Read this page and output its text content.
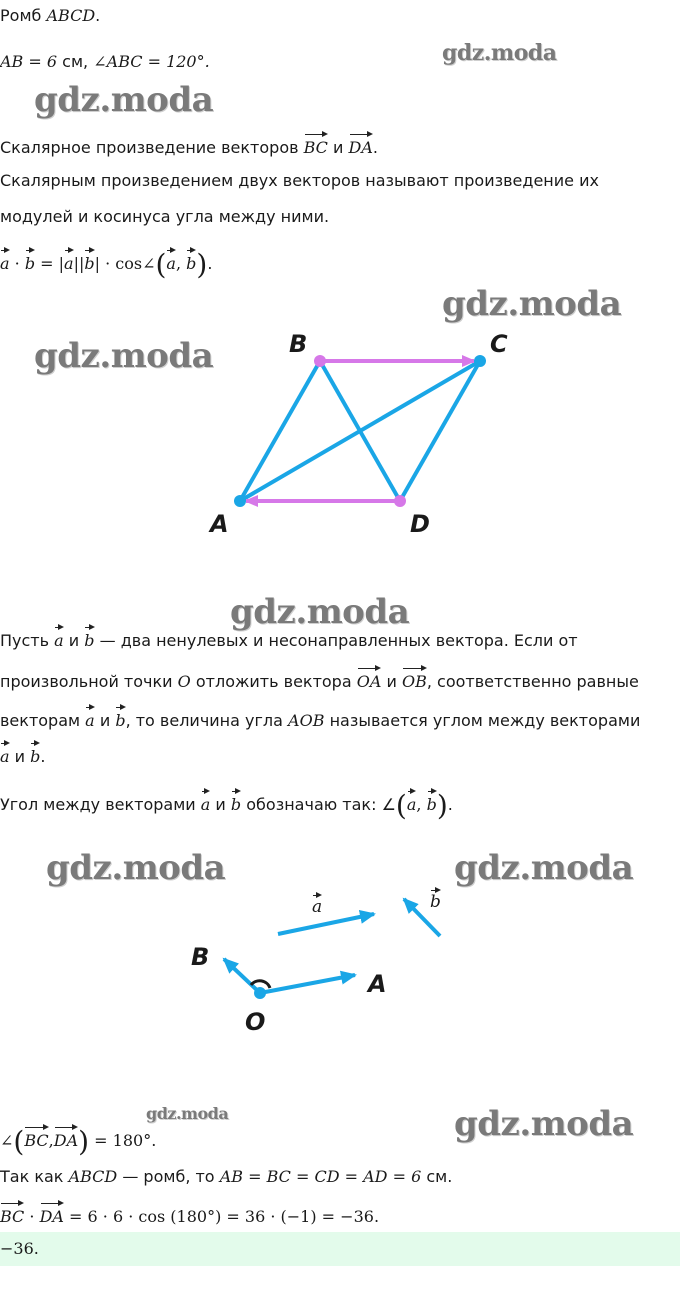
gdz.moda
gdz.moda
gdz.moda
gdz.moda
gdz.moda
gdz.moda	gdz.moda
gdz.moda	gdz.moda
Ромб ABCD.
AB = 6 см, ∠ABC = 120°.
Скалярное произведение векторов BC и DA.
Скалярным произведением двух векторов называют произведение их
модулей и косинуса угла между ними.
a · b = |a||b| · cos∠(a, b).
B	C
A	D
B
A
O
a	b
Пусть a и b — два ненулевых и несонаправленных вектора. Если от
произвольной точки O отложить вектора OA и OB, соответственно равные
векторам a и b, то величина угла AOB называется углом между векторами
a и b.
Угол между векторами a и b обозначаю так: ∠(a, b).
∠(BC,DA) = 180°.
Так как ABCD — ромб, то AB = BC = CD = AD = 6 см.
BC · DA = 6 · 6 · cos (180°) = 36 · (−1) = −36.
−36.
